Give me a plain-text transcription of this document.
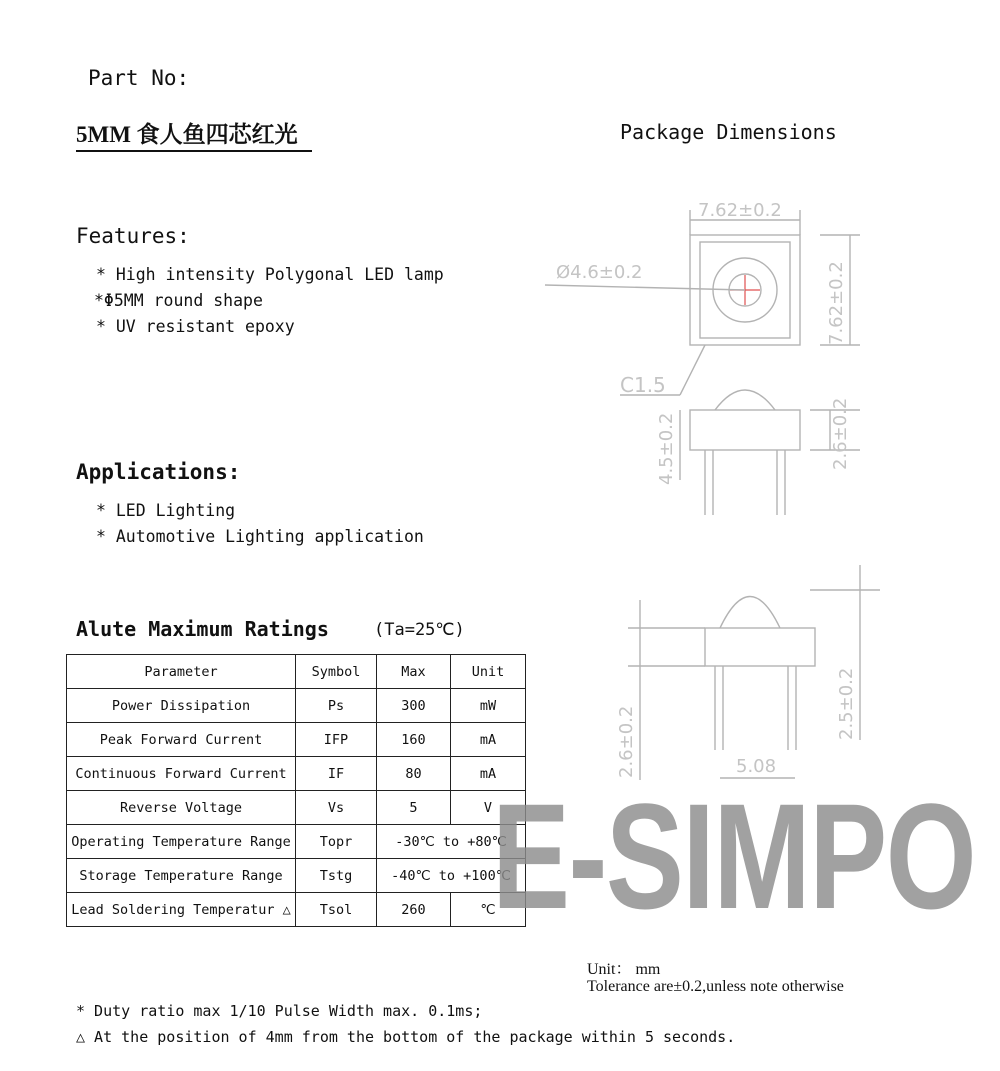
Part No:
5MM 食人鱼四芯红光	Package Dimensions
Features:
* High intensity Polygonal LED lamp
*Φ5MM round shape
* UV resistant epoxy
Applications:
* LED Lighting
* Automotive Lighting application
Alute Maximum Ratings	(Ta=25℃)
Parameter	Symbol	Max	Unit
Power Dissipation	Ps	300	mW
Peak Forward Current	IFP	160	mA
Continuous Forward Current	IF	80	mA
Reverse Voltage	Vs	5	V
Operating Temperature Range	Topr	-30℃ to +80℃	
Storage Temperature Range	Tstg	-40℃ to +100℃	
Lead Soldering Temperatur △	Tsol	260	℃
7.62±0.2
Ø4.6±0.2	7.62±0.2
C1.5
4.5±0.2	2.6±0.2
2.6±0.2
2.5±0.2
5.08
E-SIMPO
Unit： mm
Tolerance are±0.2,unless note otherwise
* Duty ratio max 1/10 Pulse Width max. 0.1ms;
△ At the position of 4mm from the bottom of the package within 5 seconds.
